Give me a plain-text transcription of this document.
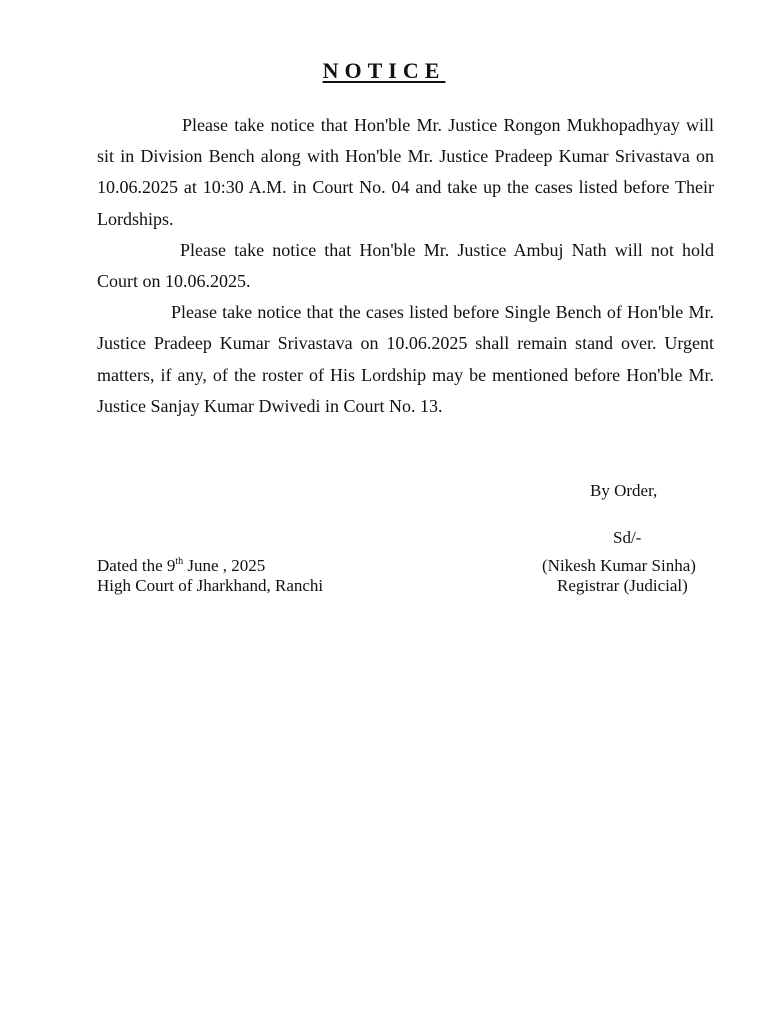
NOTICE

Please take notice that Hon'ble Mr. Justice Rongon Mukhopadhyay will sit in Division Bench along with Hon'ble Mr. Justice Pradeep Kumar Srivastava on 10.06.2025 at 10:30 A.M. in Court No. 04 and take up the cases listed before Their Lordships.

Please take notice that Hon'ble Mr. Justice Ambuj Nath will not hold Court on 10.06.2025.

Please take notice that the cases listed before Single Bench of Hon'ble Mr. Justice Pradeep Kumar Srivastava on 10.06.2025 shall remain stand over. Urgent matters, if any, of the roster of His Lordship may be mentioned before Hon'ble Mr. Justice Sanjay Kumar Dwivedi in Court No. 13.

By Order,
Sd/-
Dated the 9th June , 2025
High Court of Jharkhand, Ranchi
(Nikesh Kumar Sinha)
Registrar (Judicial)
